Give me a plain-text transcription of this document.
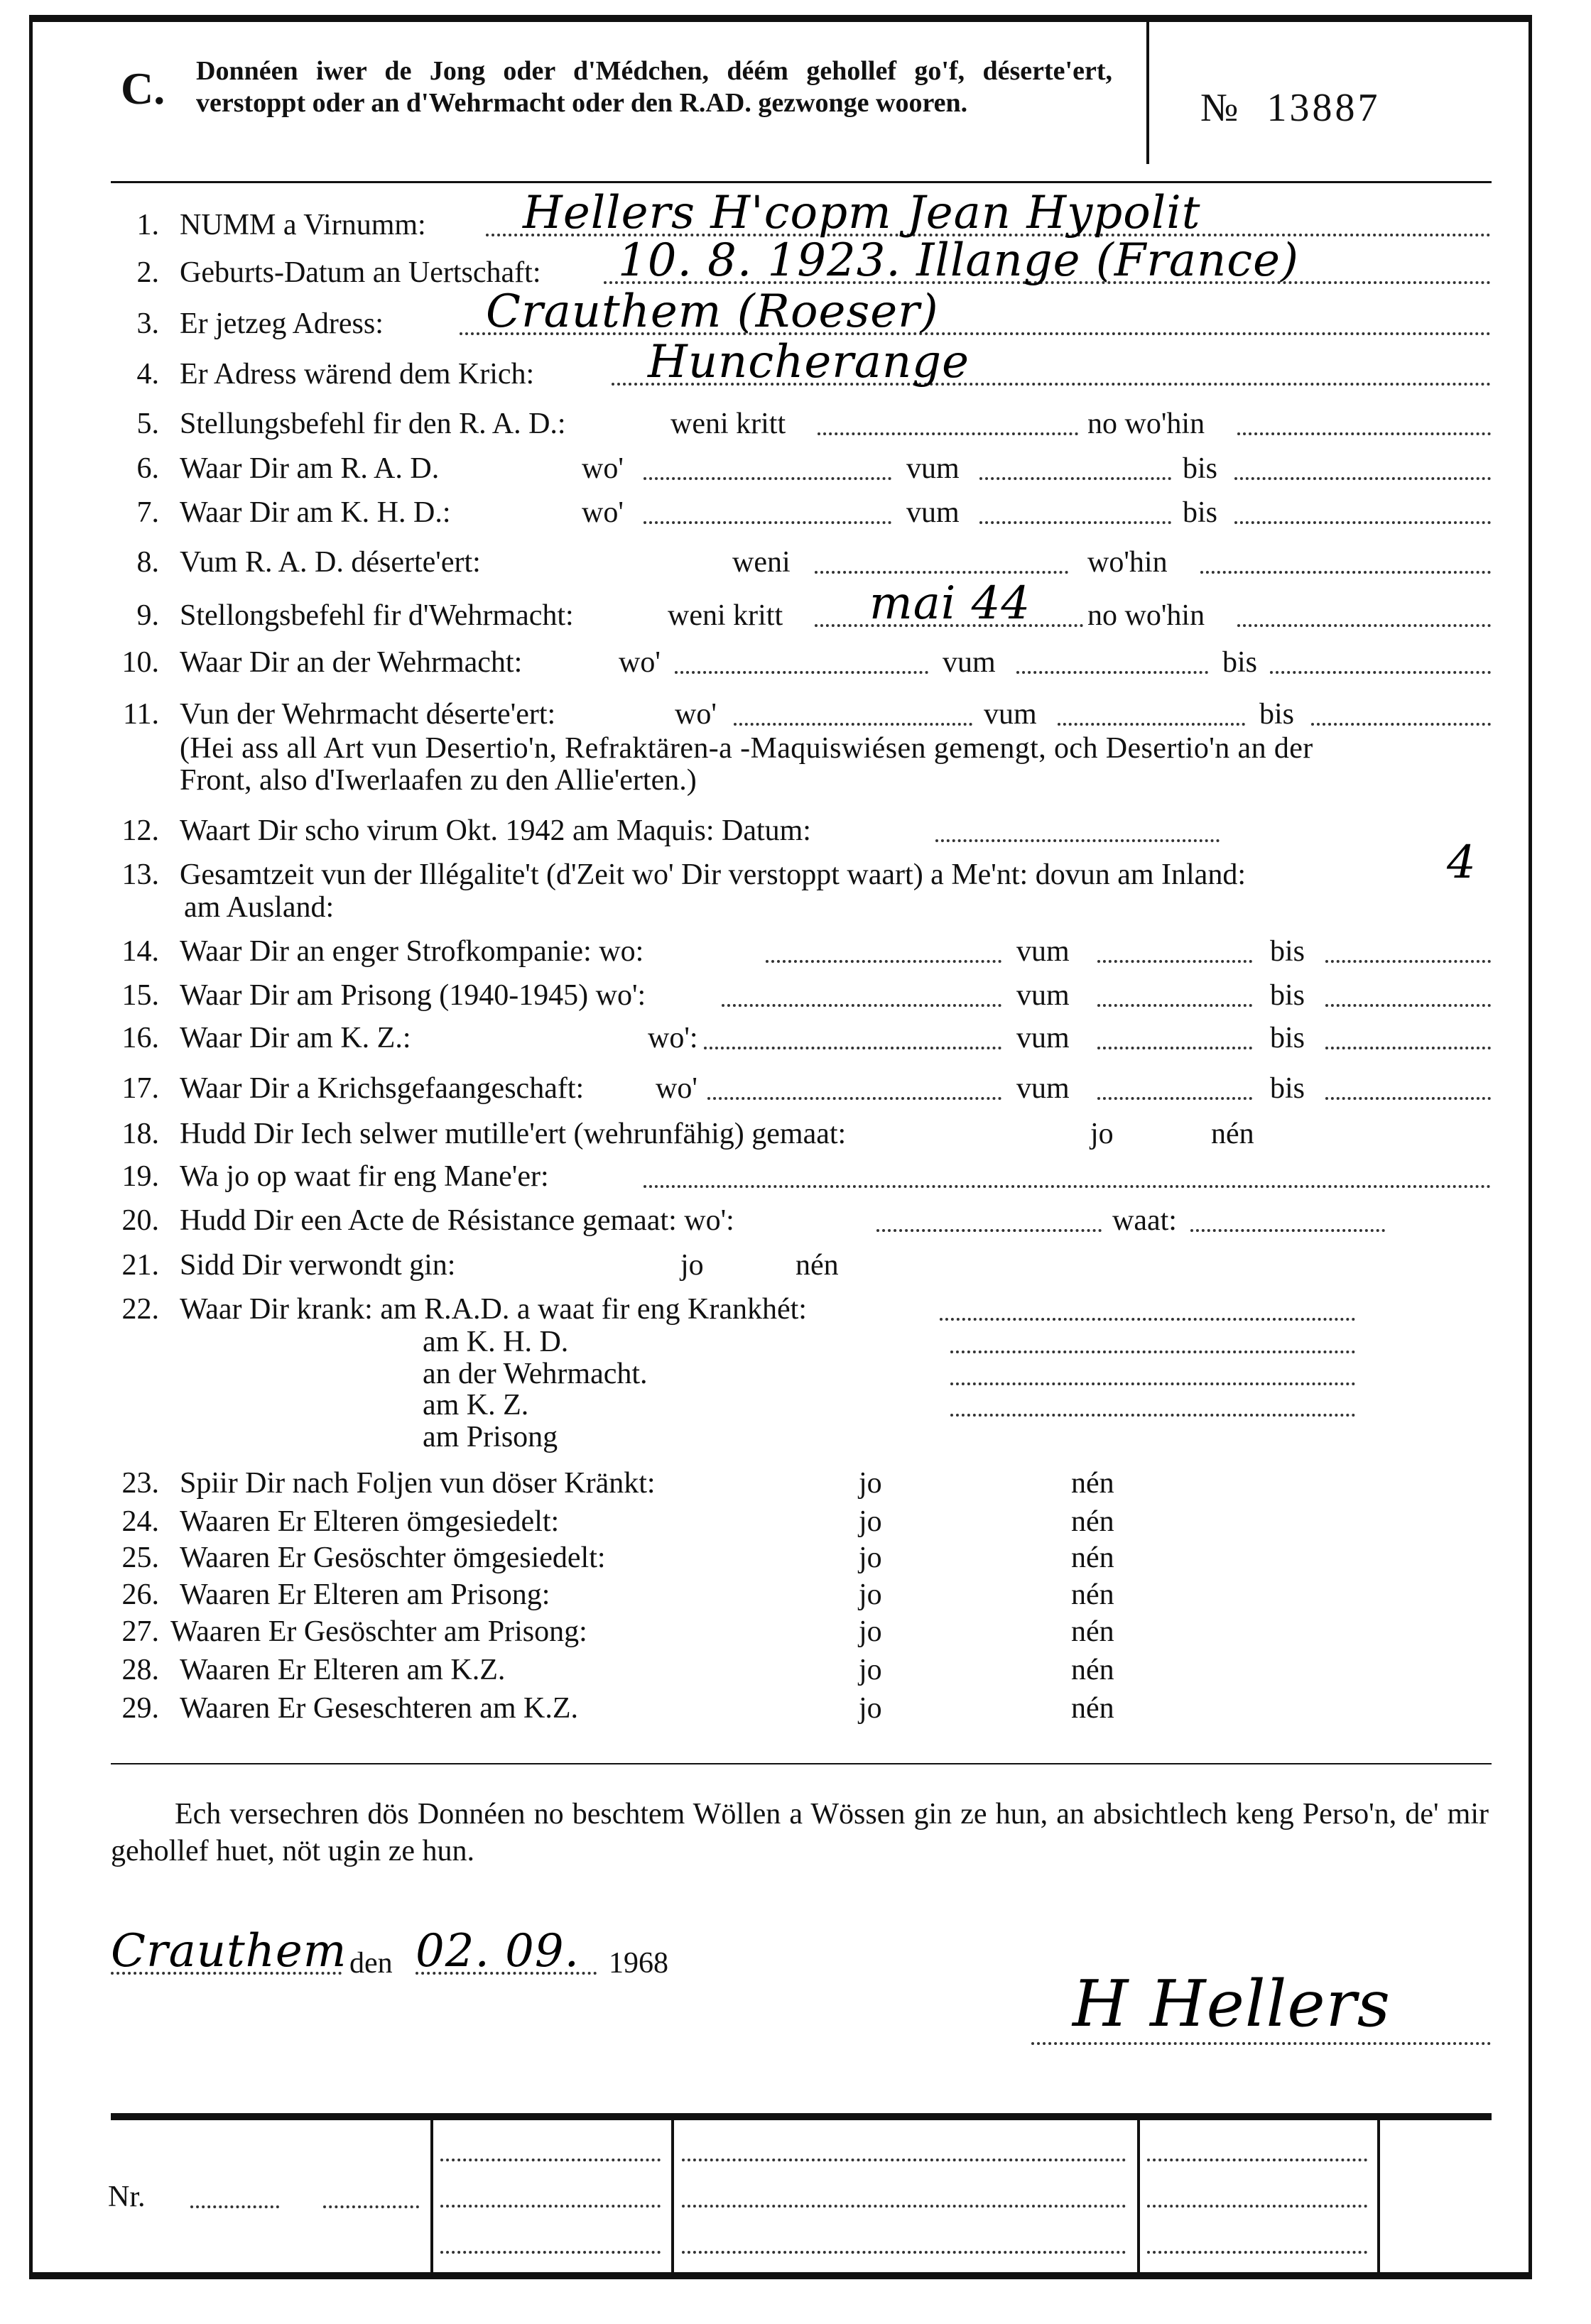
C. Donnéen iwer de Jong oder d'Médchen, déém gehollef go'f, déserte'ert, verstoppt oder an d'Wehrmacht oder den R.AD. gezwonge wooren.	№ 13887
1. NUMM a Virnumm: Hellers H'copm Jean Hypolit
2. Geburts-Datum an Uertschaft: 10. 8. 1923. Illange (France)
3. Er jetzeg Adress: Crauthem (Roeser)
4. Er Adress wärend dem Krich: Huncherange
5. Stellungsbefehl fir den R. A. D.:	weni kritt	no wo'hin
6. Waar Dir am R. A. D.	wo'	vum	bis
7. Waar Dir am K. H. D.:	wo'	vum	bis
8. Vum R. A. D. déserte'ert:	weni	wo'hin
9. Stellongsbefehl fir d'Wehrmacht:	weni kritt mai 44 no wo'hin
10. Waar Dir an der Wehrmacht:	wo'	vum	bis
11. Vun der Wehrmacht déserte'ert:	wo'	vum	bis
(Hei ass all Art vun Desertio'n, Refraktären-a -Maquiswiésen gemengt, och Desertio'n an der
Front, also d'Iwerlaafen zu den Allie'erten.)
12. Waart Dir scho virum Okt. 1942 am Maquis: Datum:
13. Gesamtzeit vun der Illégalite't (d'Zeit wo' Dir verstoppt waart) a Me'nt: dovun am Inland:	4
am Ausland:
14. Waar Dir an enger Strofkompanie: wo:	vum	bis
15. Waar Dir am Prisong (1940-1945) wo':	vum	bis
16. Waar Dir am K. Z.:	wo':	vum	bis
17. Waar Dir a Krichsgefaangeschaft: wo'	vum	bis
18. Hudd Dir Iech selwer mutille'ert (wehrunfähig) gemaat:	jo	nén
19. Wa jo op waat fir eng Mane'er:
20. Hudd Dir een Acte de Résistance gemaat: wo':	waat:
21. Sidd Dir verwondt gin:	jo	nén
22. Waar Dir krank: am R.A.D. a waat fir eng Krankhét:
am K. H. D.
an der Wehrmacht.
am K. Z.
am Prisong
23. Spiir Dir nach Foljen vun döser Kränkt:	jo	nén
24. Waaren Er Elteren ömgesiedelt:	jo	nén
25. Waaren Er Gesöschter ömgesiedelt:	jo	nén
26. Waaren Er Elteren am Prisong:	jo	nén
27. Waaren Er Gesöschter am Prisong:	jo	nén
28. Waaren Er Elteren am K.Z.	jo	nén
29. Waaren Er Geseschteren am K.Z.	jo	nén
Ech versechren dös Donnéen no beschtem Wöllen a Wössen gin ze hun, an absichtlech keng Perso'n, de' mir gehollef huet, nöt ugin ze hun.
Crauthem den 02. 09. 1968
H Hellers
Nr.
